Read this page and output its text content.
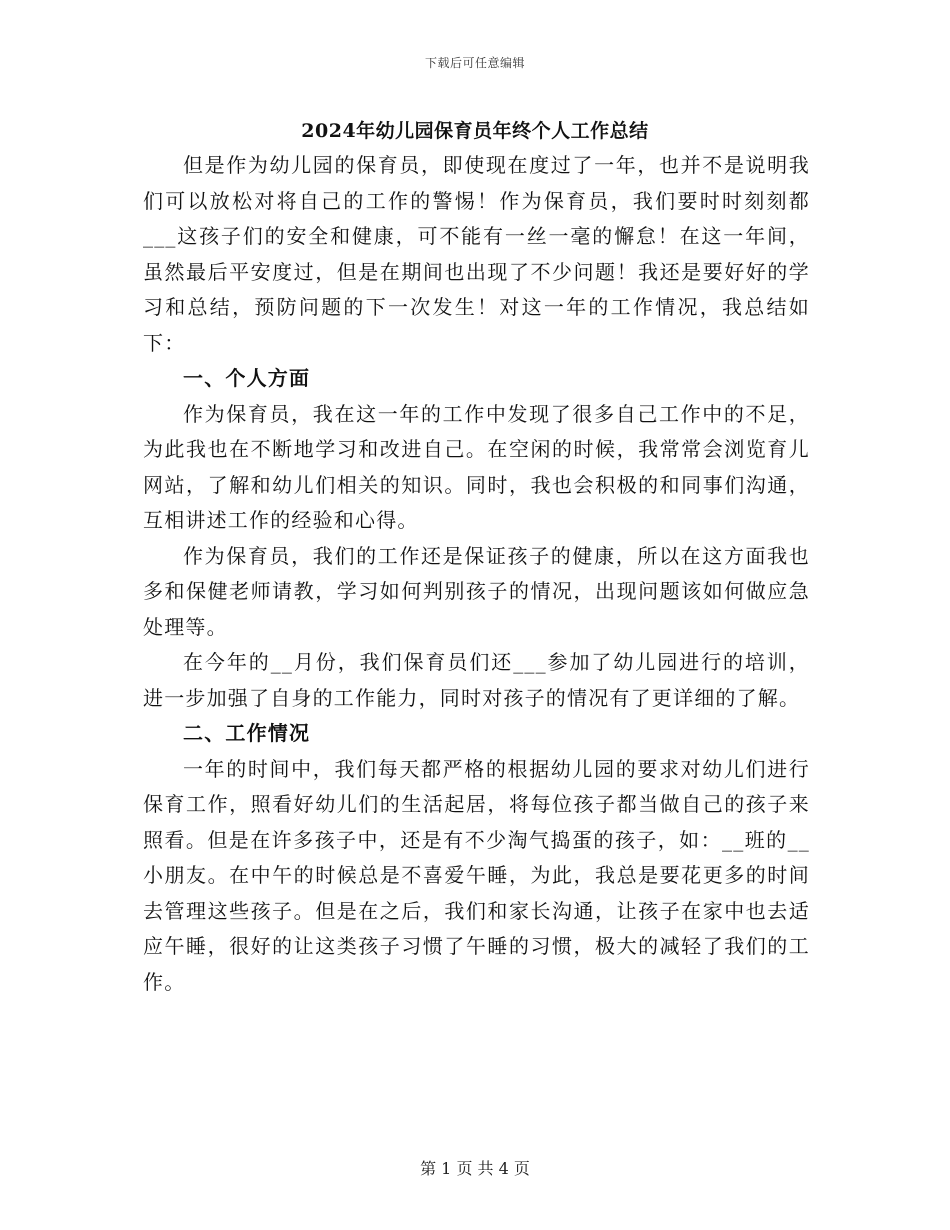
下载后可任意编辑
2024年幼儿园保育员年终个人工作总结

但是作为幼儿园的保育员，即使现在度过了一年，也并不是说明我们可以放松对将自己的工作的警惕！作为保育员，我们要时时刻刻都___这孩子们的安全和健康，可不能有一丝一毫的懈怠！在这一年间，虽然最后平安度过，但是在期间也出现了不少问题！我还是要好好的学习和总结，预防问题的下一次发生！对这一年的工作情况，我总结如下：

一、个人方面

作为保育员，我在这一年的工作中发现了很多自己工作中的不足，为此我也在不断地学习和改进自己。在空闲的时候，我常常会浏览育儿网站，了解和幼儿们相关的知识。同时，我也会积极的和同事们沟通，互相讲述工作的经验和心得。

作为保育员，我们的工作还是保证孩子的健康，所以在这方面我也多和保健老师请教，学习如何判别孩子的情况，出现问题该如何做应急处理等。

在今年的__月份，我们保育员们还___参加了幼儿园进行的培训，进一步加强了自身的工作能力，同时对孩子的情况有了更详细的了解。

二、工作情况

一年的时间中，我们每天都严格的根据幼儿园的要求对幼儿们进行保育工作，照看好幼儿们的生活起居，将每位孩子都当做自己的孩子来照看。但是在许多孩子中，还是有不少淘气捣蛋的孩子，如：__班的__小朋友。在中午的时候总是不喜爱午睡，为此，我总是要花更多的时间去管理这些孩子。但是在之后，我们和家长沟通，让孩子在家中也去适应午睡，很好的让这类孩子习惯了午睡的习惯，极大的减轻了我们的工作。

第 1 页 共 4 页
